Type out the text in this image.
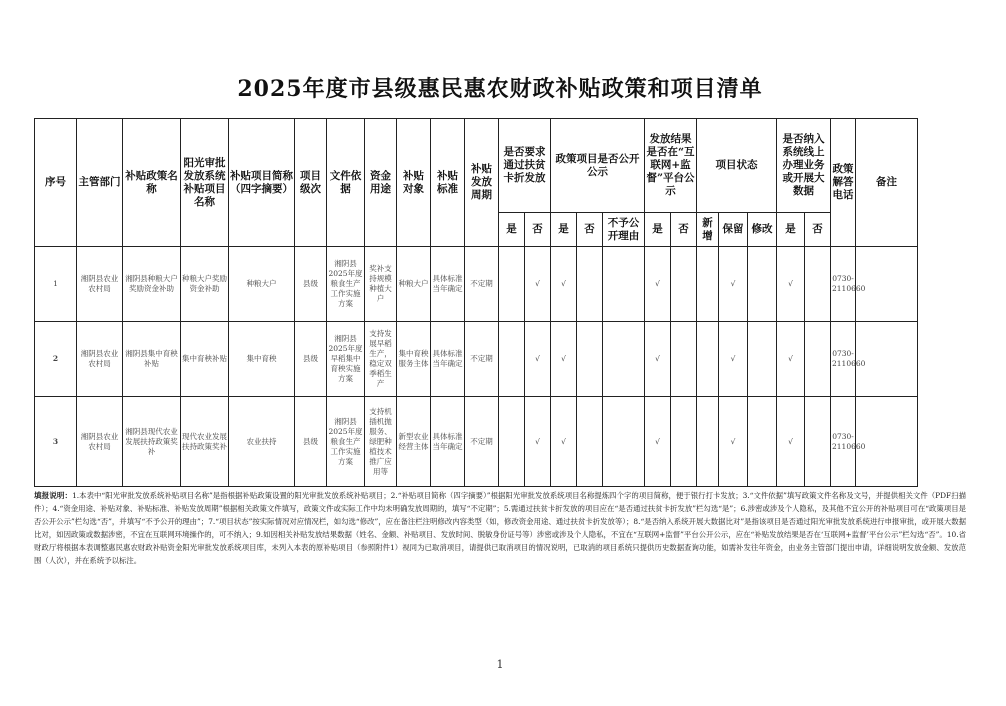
2025年度市县级惠民惠农财政补贴政策和项目清单
序号	主管部门	补贴政策名称	阳光审批发放系统补贴项目名称	补贴项目简称（四字摘要）	项目级次	文件依据	资金用途	补贴对象	补贴标准	补贴发放周期	是否要求通过扶贫卡折发放		政策项目是否公开公示			发放结果是否在“互联网+监督”平台公示		项目状态			是否纳入系统线上办理业务或开展大数据		政策解答电话	备注
											是	否	是	否	不予公开理由	是	否	新增	保留	修改	是	否		
1	湘阴县农业农村局	湘阴县种粮大户奖励资金补助	种粮大户奖励资金补助	种粮大户	县级	湘阴县2025年度粮食生产工作实施方案	奖补支持规模种植大户	种粮大户	具体标准当年确定	不定期		√	√			√			√		√		0730-2110660	
2	湘阴县农业农村局	湘阴县集中育秧补贴	集中育秧补贴	集中育秧	县级	湘阴县2025年度早稻集中育秧实施方案	支持发展早稻生产，稳定双季稻生产	集中育秧服务主体	具体标准当年确定	不定期		√	√			√			√		√		0730-2110660	
3	湘阴县农业农村局	湘阴县现代农业发展扶持政策奖补	现代农业发展扶持政策奖补	农业扶持	县级	湘阴县2025年度粮食生产工作实施方案	支持机插机抛服务、绿肥种植技术推广应用等	新型农业经营主体	具体标准当年确定	不定期		√	√			√			√		√		0730-2110660	
填报说明：1.本表中“阳光审批发放系统补贴项目名称”是指根据补贴政策设置的阳光审批发放系统补贴项目；2.“补贴项目简称（四字摘要）”根据阳光审批发放系统项目名称提炼四个字的项目简称，便于银行打卡发放；3.“文件依据”填写政策文件名称及文号，并提供相关文件（PDF扫描件）；4.“资金用途、补贴对象、补贴标准、补贴发放周期”根据相关政策文件填写，政策文件或实际工作中均未明确发放周期的，填写“不定期”；5.需通过扶贫卡折发放的项目应在“是否通过扶贫卡折发放”栏勾选“是”；6.涉密或涉及个人隐私，及其他不宜公开的补贴项目可在“政策项目是否公开公示”栏勾选“否”，并填写“不予公开的理由”；7.“项目状态”按实际情况对应情况栏，如勾选“修改”，应在备注栏注明修改内容类型（如，修改资金用途、通过扶贫卡折发放等）；8.“是否纳入系统开展大数据比对”是指该项目是否通过阳光审批发放系统进行申报审批，或开展大数据比对，如因政策或数据涉密，不宜在互联网环境操作的，可不纳入；9.如因相关补贴发放结果数据（姓名、金额、补贴项目、发放时间、脱敏身份证号等）涉密或涉及个人隐私，不宜在“互联网+监督”平台公开公示，应在“补贴发放结果是否在‘互联网+监督’平台公示”栏勾选“否”。10.省财政厅将根据本表调整惠民惠农财政补贴资金阳光审批发放系统项目库，未列入本表的原补贴项目（参照附件1）视同为已取消项目，请提供已取消项目的情况说明，已取消的项目系统只提供历史数据查询功能，如需补发往年资金，由业务主管部门提出申请，详细说明发放金额、发放范围（人次），并在系统予以标注。
1
